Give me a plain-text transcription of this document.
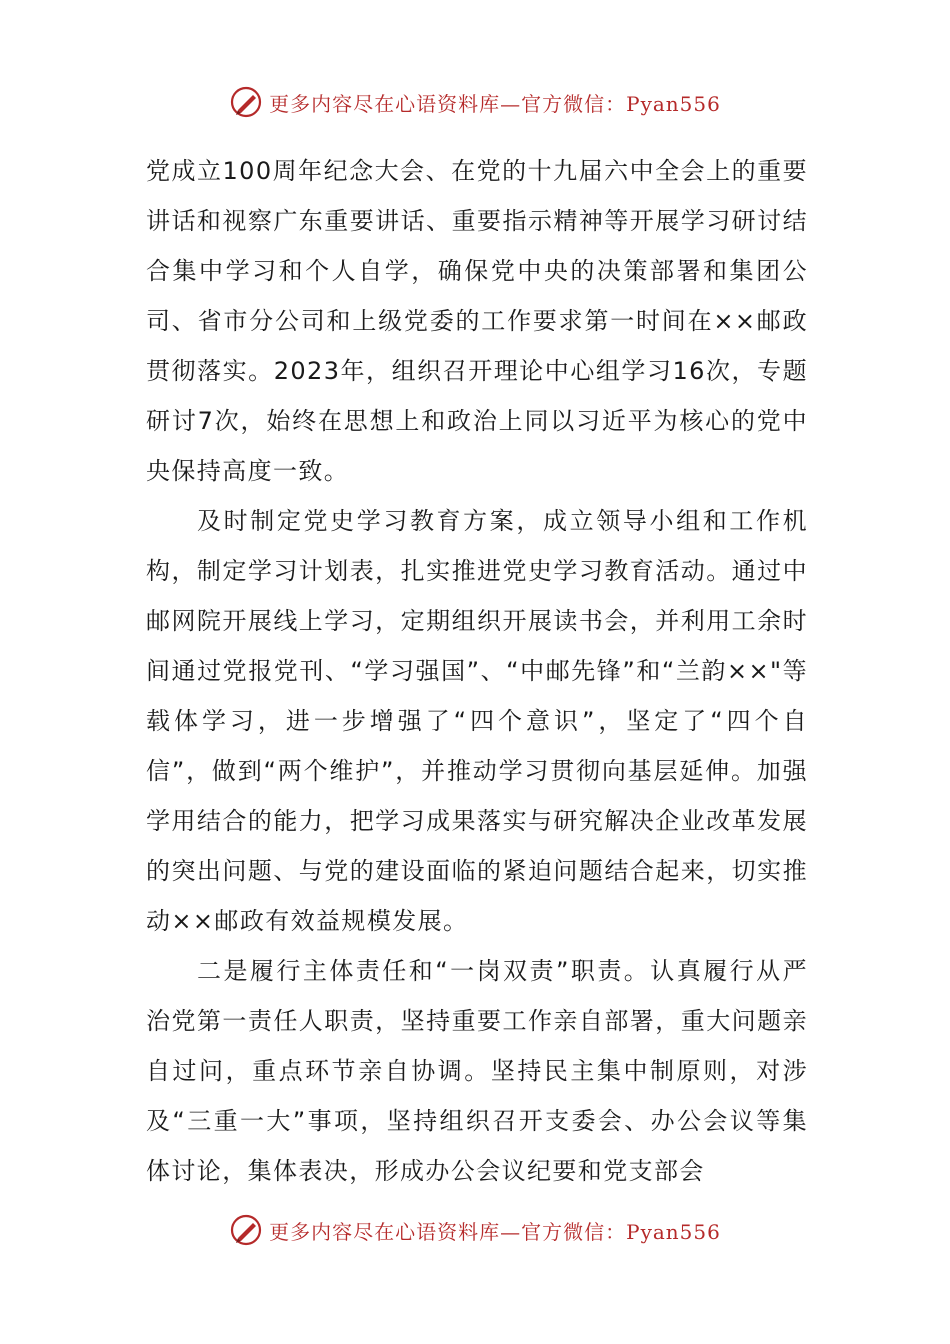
更多内容尽在心语资料库—官方微信：Pyan556

党成立100周年纪念大会、在党的十九届六中全会上的重要讲话和视察广东重要讲话、重要指示精神等开展学习研讨结合集中学习和个人自学，确保党中央的决策部署和集团公司、省市分公司和上级党委的工作要求第一时间在××邮政贯彻落实。2023年，组织召开理论中心组学习16次，专题研讨7次，始终在思想上和政治上同以习近平为核心的党中央保持高度一致。

及时制定党史学习教育方案，成立领导小组和工作机构，制定学习计划表，扎实推进党史学习教育活动。通过中邮网院开展线上学习，定期组织开展读书会，并利用工余时间通过党报党刊、“学习强国”、“中邮先锋”和“兰韵××"等载体学习，进一步增强了“四个意识”，坚定了“四个自信”，做到“两个维护”，并推动学习贯彻向基层延伸。加强学用结合的能力，把学习成果落实与研究解决企业改革发展的突出问题、与党的建设面临的紧迫问题结合起来，切实推动××邮政有效益规模发展。

二是履行主体责任和“一岗双责”职责。认真履行从严治党第一责任人职责，坚持重要工作亲自部署，重大问题亲自过问，重点环节亲自协调。坚持民主集中制原则，对涉及“三重一大”事项，坚持组织召开支委会、办公会议等集体讨论，集体表决，形成办公会议纪要和党支部会

更多内容尽在心语资料库—官方微信：Pyan556
